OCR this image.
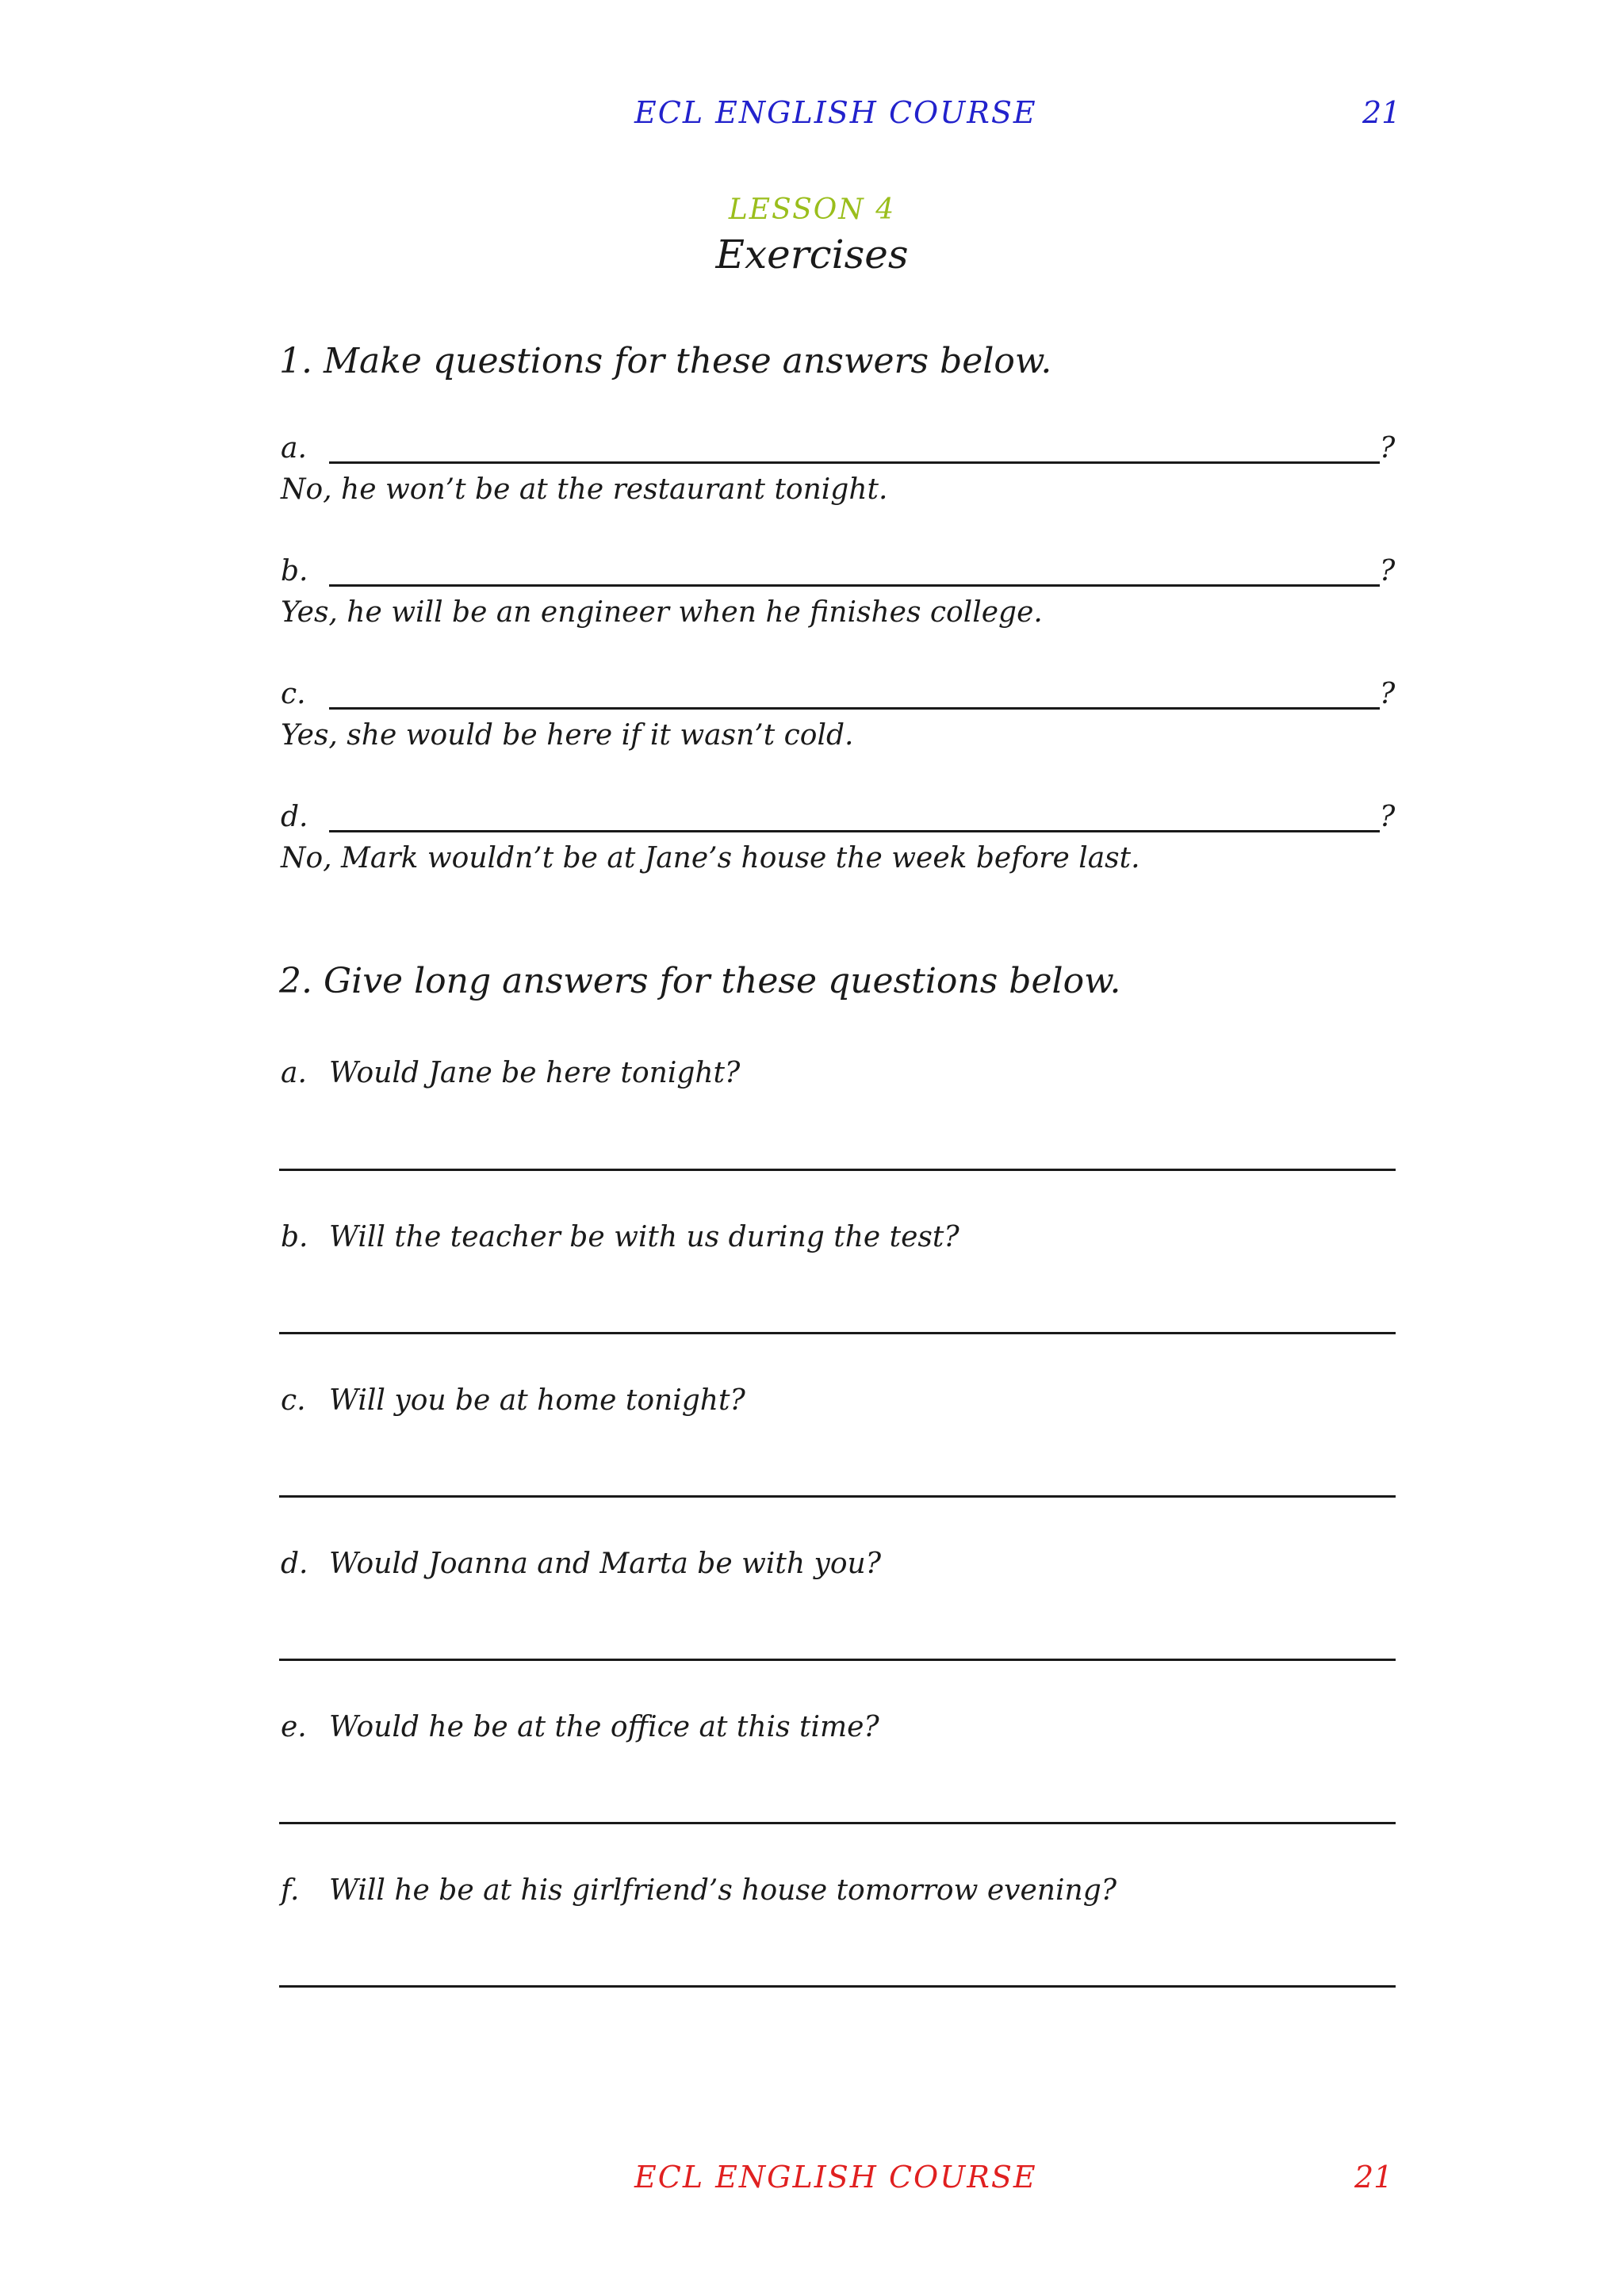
ECL ENGLISH COURSE	21
LESSON 4
Exercises
1. Make questions for these answers below.
a.	?
No, he won’t be at the restaurant tonight.
b.	?
Yes, he will be an engineer when he finishes college.
c.	?
Yes, she would be here if it wasn’t cold.
d.	?
No, Mark wouldn’t be at Jane’s house the week before last.
2. Give long answers for these questions below.
a. Would Jane be here tonight?
b. Will the teacher be with us during the test?
c. Will you be at home tonight?
d. Would Joanna and Marta be with you?
e. Would he be at the office at this time?
f. Will he be at his girlfriend’s house tomorrow evening?
ECL ENGLISH COURSE	21
